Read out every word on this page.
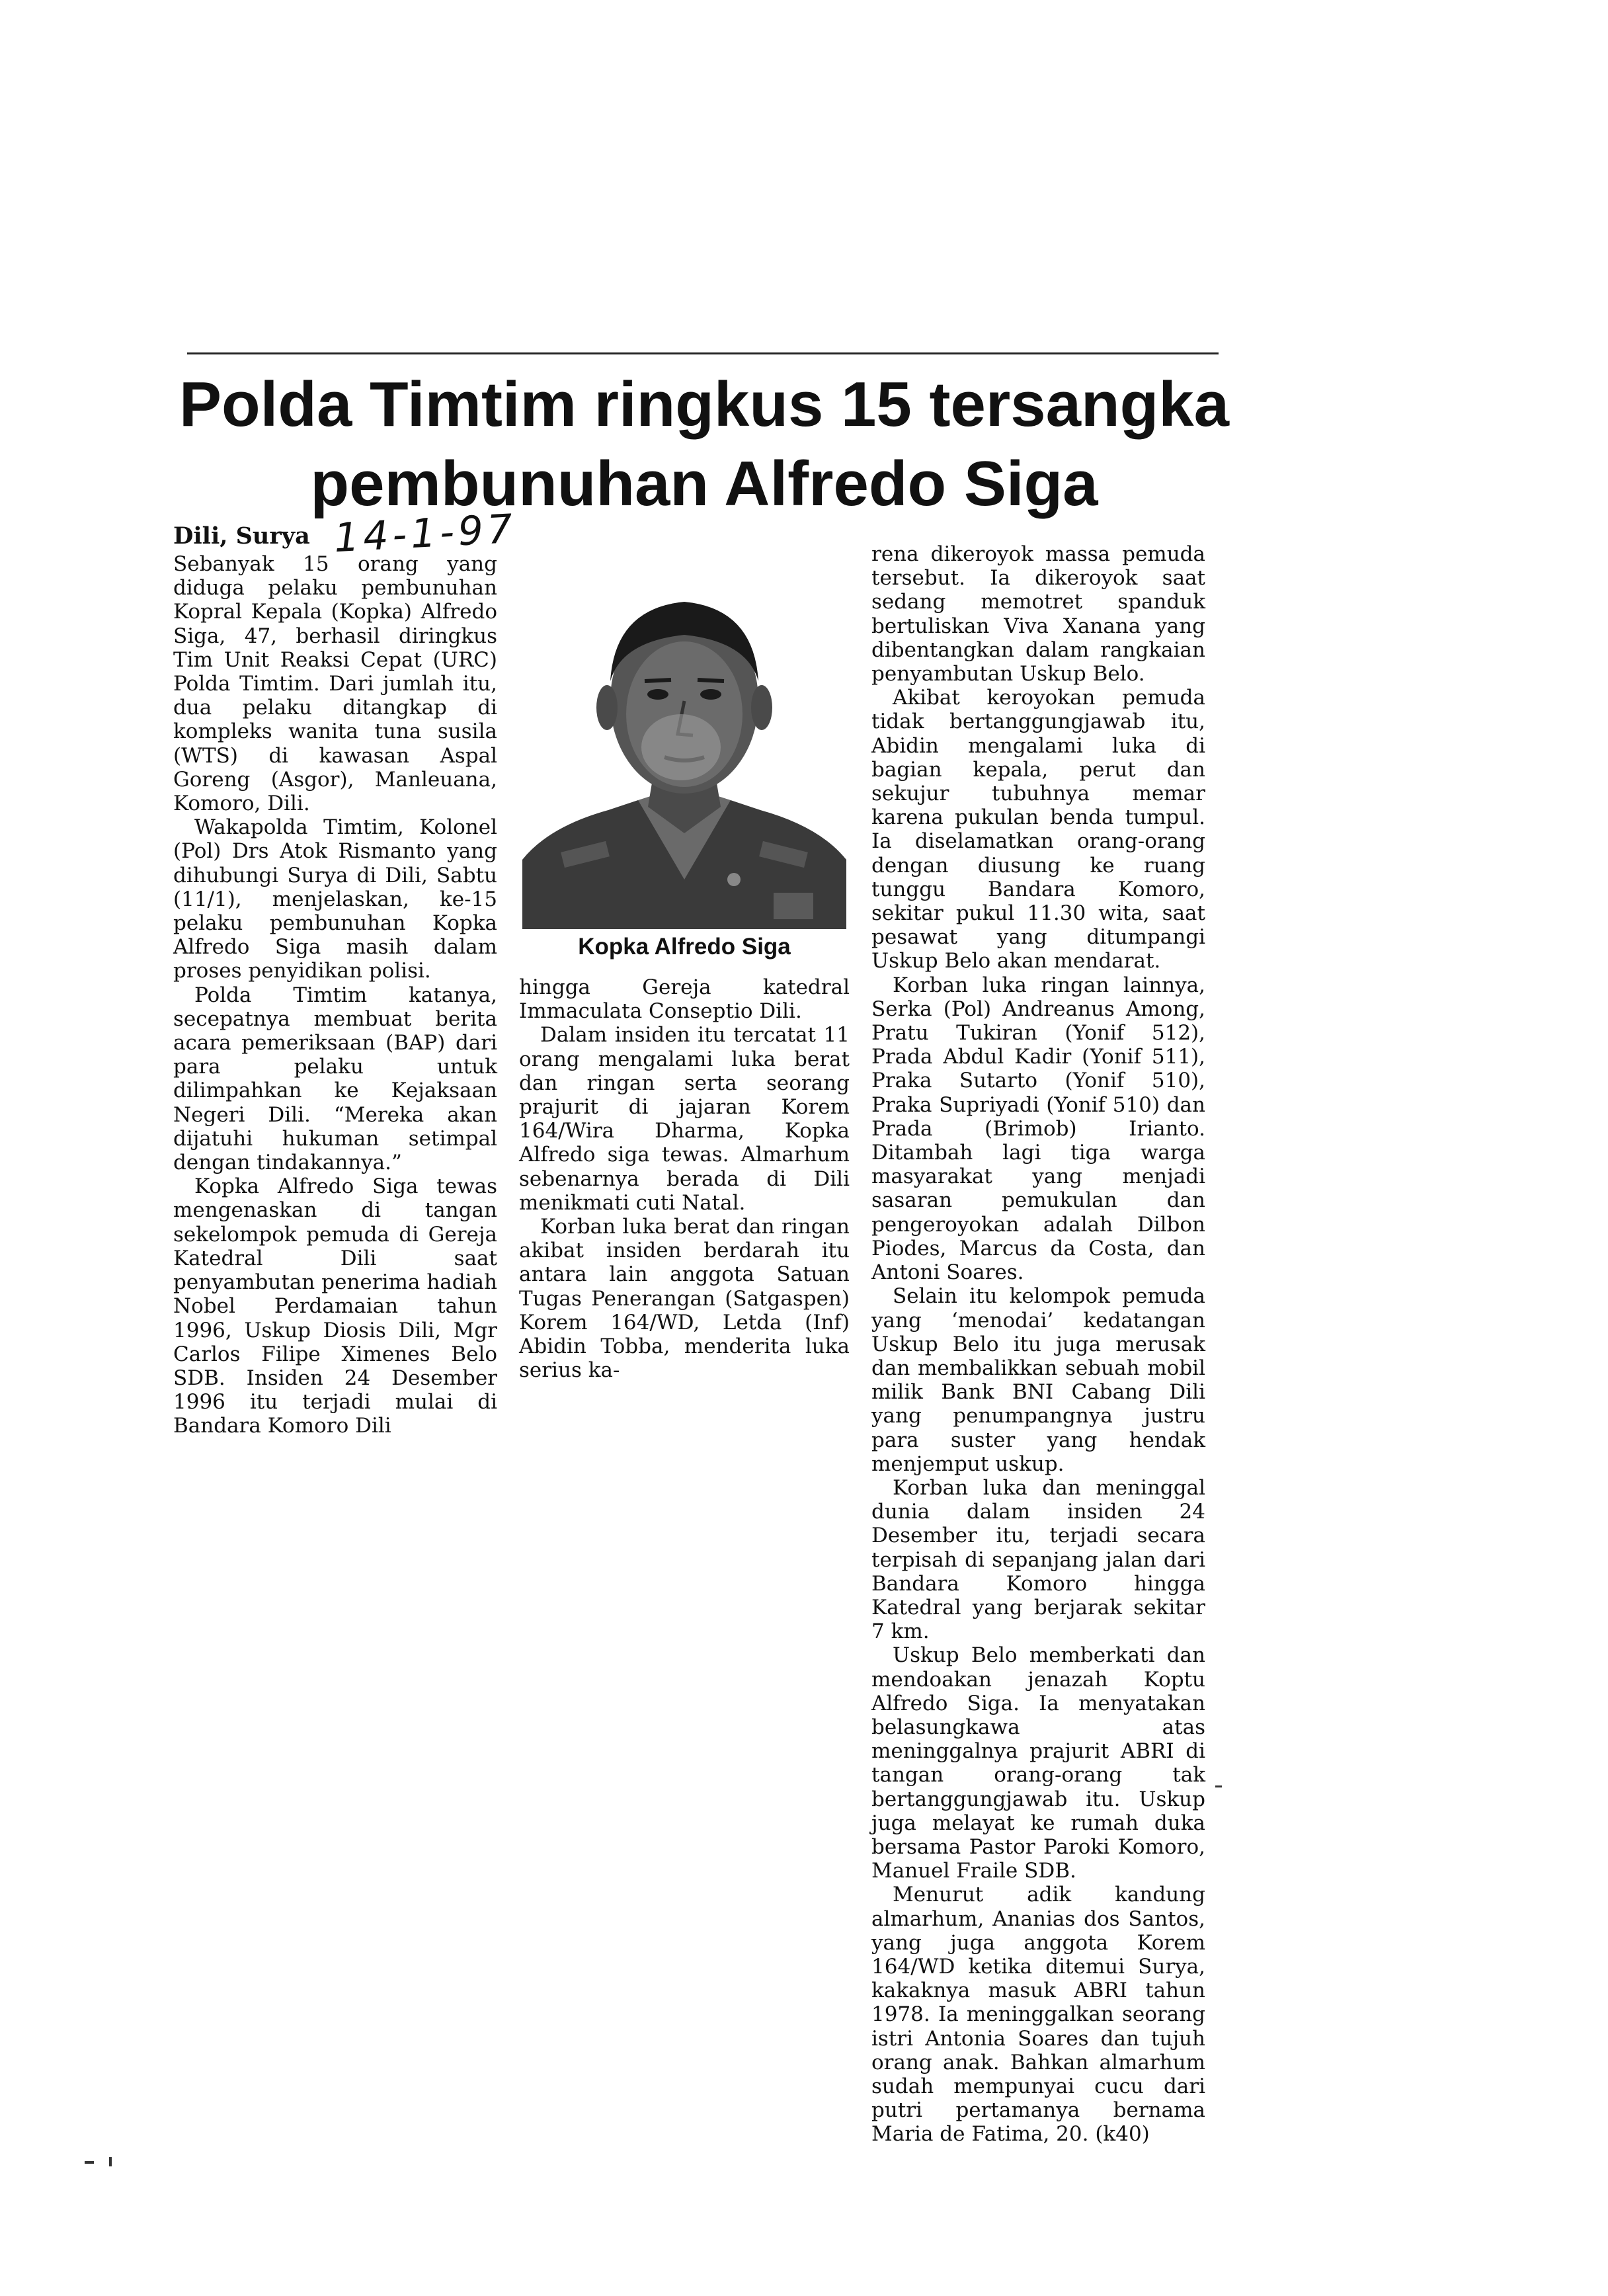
Polda Timtim ringkus 15 tersangka
pembunuhan Alfredo Siga
Dili, Surya 14-1-97
Kopka Alfredo Siga

Sebanyak 15 orang yang diduga pelaku pembunuhan Kopral Kepala (Kopka) Alfredo Siga, 47, berhasil diringkus Tim Unit Reaksi Cepat (URC) Polda Timtim. Dari jumlah itu, dua pelaku ditangkap di kompleks wanita tuna susila (WTS) di kawasan Aspal Goreng (Asgor), Manleuana, Komoro, Dili.

Wakapolda Timtim, Kolonel (Pol) Drs Atok Rismanto yang dihubungi Surya di Dili, Sabtu (11/1), menjelaskan, ke-15 pelaku pembunuhan Kopka Alfredo Siga masih dalam proses penyidikan polisi.

Polda Timtim katanya, secepatnya membuat berita acara pemeriksaan (BAP) dari para pelaku untuk dilimpahkan ke Kejaksaan Negeri Dili. “Mereka akan dijatuhi hukuman setimpal dengan tindakannya.”

Kopka Alfredo Siga tewas mengenaskan di tangan sekelompok pemuda di Gereja Katedral Dili saat penyambutan penerima hadiah Nobel Perdamaian tahun 1996, Uskup Diosis Dili, Mgr Carlos Filipe Ximenes Belo SDB. Insiden 24 Desember 1996 itu terjadi mulai di Bandara Komoro Dili

hingga Gereja katedral Immaculata Conseptio Dili.

Dalam insiden itu tercatat 11 orang mengalami luka berat dan ringan serta seorang prajurit di jajaran Korem 164/Wira Dharma, Kopka Alfredo siga tewas. Almarhum sebenarnya berada di Dili menikmati cuti Natal.

Korban luka berat dan ringan akibat insiden berdarah itu antara lain anggota Satuan Tugas Penerangan (Satgaspen) Korem 164/WD, Letda (Inf) Abidin Tobba, menderita luka serius ka-

rena dikeroyok massa pemuda tersebut. Ia dikeroyok saat sedang memotret spanduk bertuliskan Viva Xanana yang dibentangkan dalam rangkaian penyambutan Uskup Belo.

Akibat keroyokan pemuda tidak bertanggungjawab itu, Abidin mengalami luka di bagian kepala, perut dan sekujur tubuhnya memar karena pukulan benda tumpul. Ia diselamatkan orang-orang dengan diusung ke ruang tunggu Bandara Komoro, sekitar pukul 11.30 wita, saat pesawat yang ditumpangi Uskup Belo akan mendarat.

Korban luka ringan lainnya, Serka (Pol) Andreanus Among, Pratu Tukiran (Yonif 512), Prada Abdul Kadir (Yonif 511), Praka Sutarto (Yonif 510), Praka Supriyadi (Yonif 510) dan Prada (Brimob) Irianto. Ditambah lagi tiga warga masyarakat yang menjadi sasaran pemukulan dan pengeroyokan adalah Dilbon Piodes, Marcus da Costa, dan Antoni Soares.

Selain itu kelompok pemuda yang ‘menodai’ kedatangan Uskup Belo itu juga merusak dan membalikkan sebuah mobil milik Bank BNI Cabang Dili yang penumpangnya justru para suster yang hendak menjemput uskup.

Korban luka dan meninggal dunia dalam insiden 24 Desember itu, terjadi secara terpisah di sepanjang jalan dari Bandara Komoro hingga Katedral yang berjarak sekitar 7 km.

Uskup Belo memberkati dan mendoakan jenazah Koptu Alfredo Siga. Ia menyatakan belasungkawa atas meninggalnya prajurit ABRI di tangan orang-orang tak bertanggungjawab itu. Uskup juga melayat ke rumah duka bersama Pastor Paroki Komoro, Manuel Fraile SDB.

Menurut adik kandung almarhum, Ananias dos Santos, yang juga anggota Korem 164/WD ketika ditemui Surya, kakaknya masuk ABRI tahun 1978. Ia meninggalkan seorang istri Antonia Soares dan tujuh orang anak. Bahkan almarhum sudah mempunyai cucu dari putri pertamanya bernama Maria de Fatima, 20. (k40)
